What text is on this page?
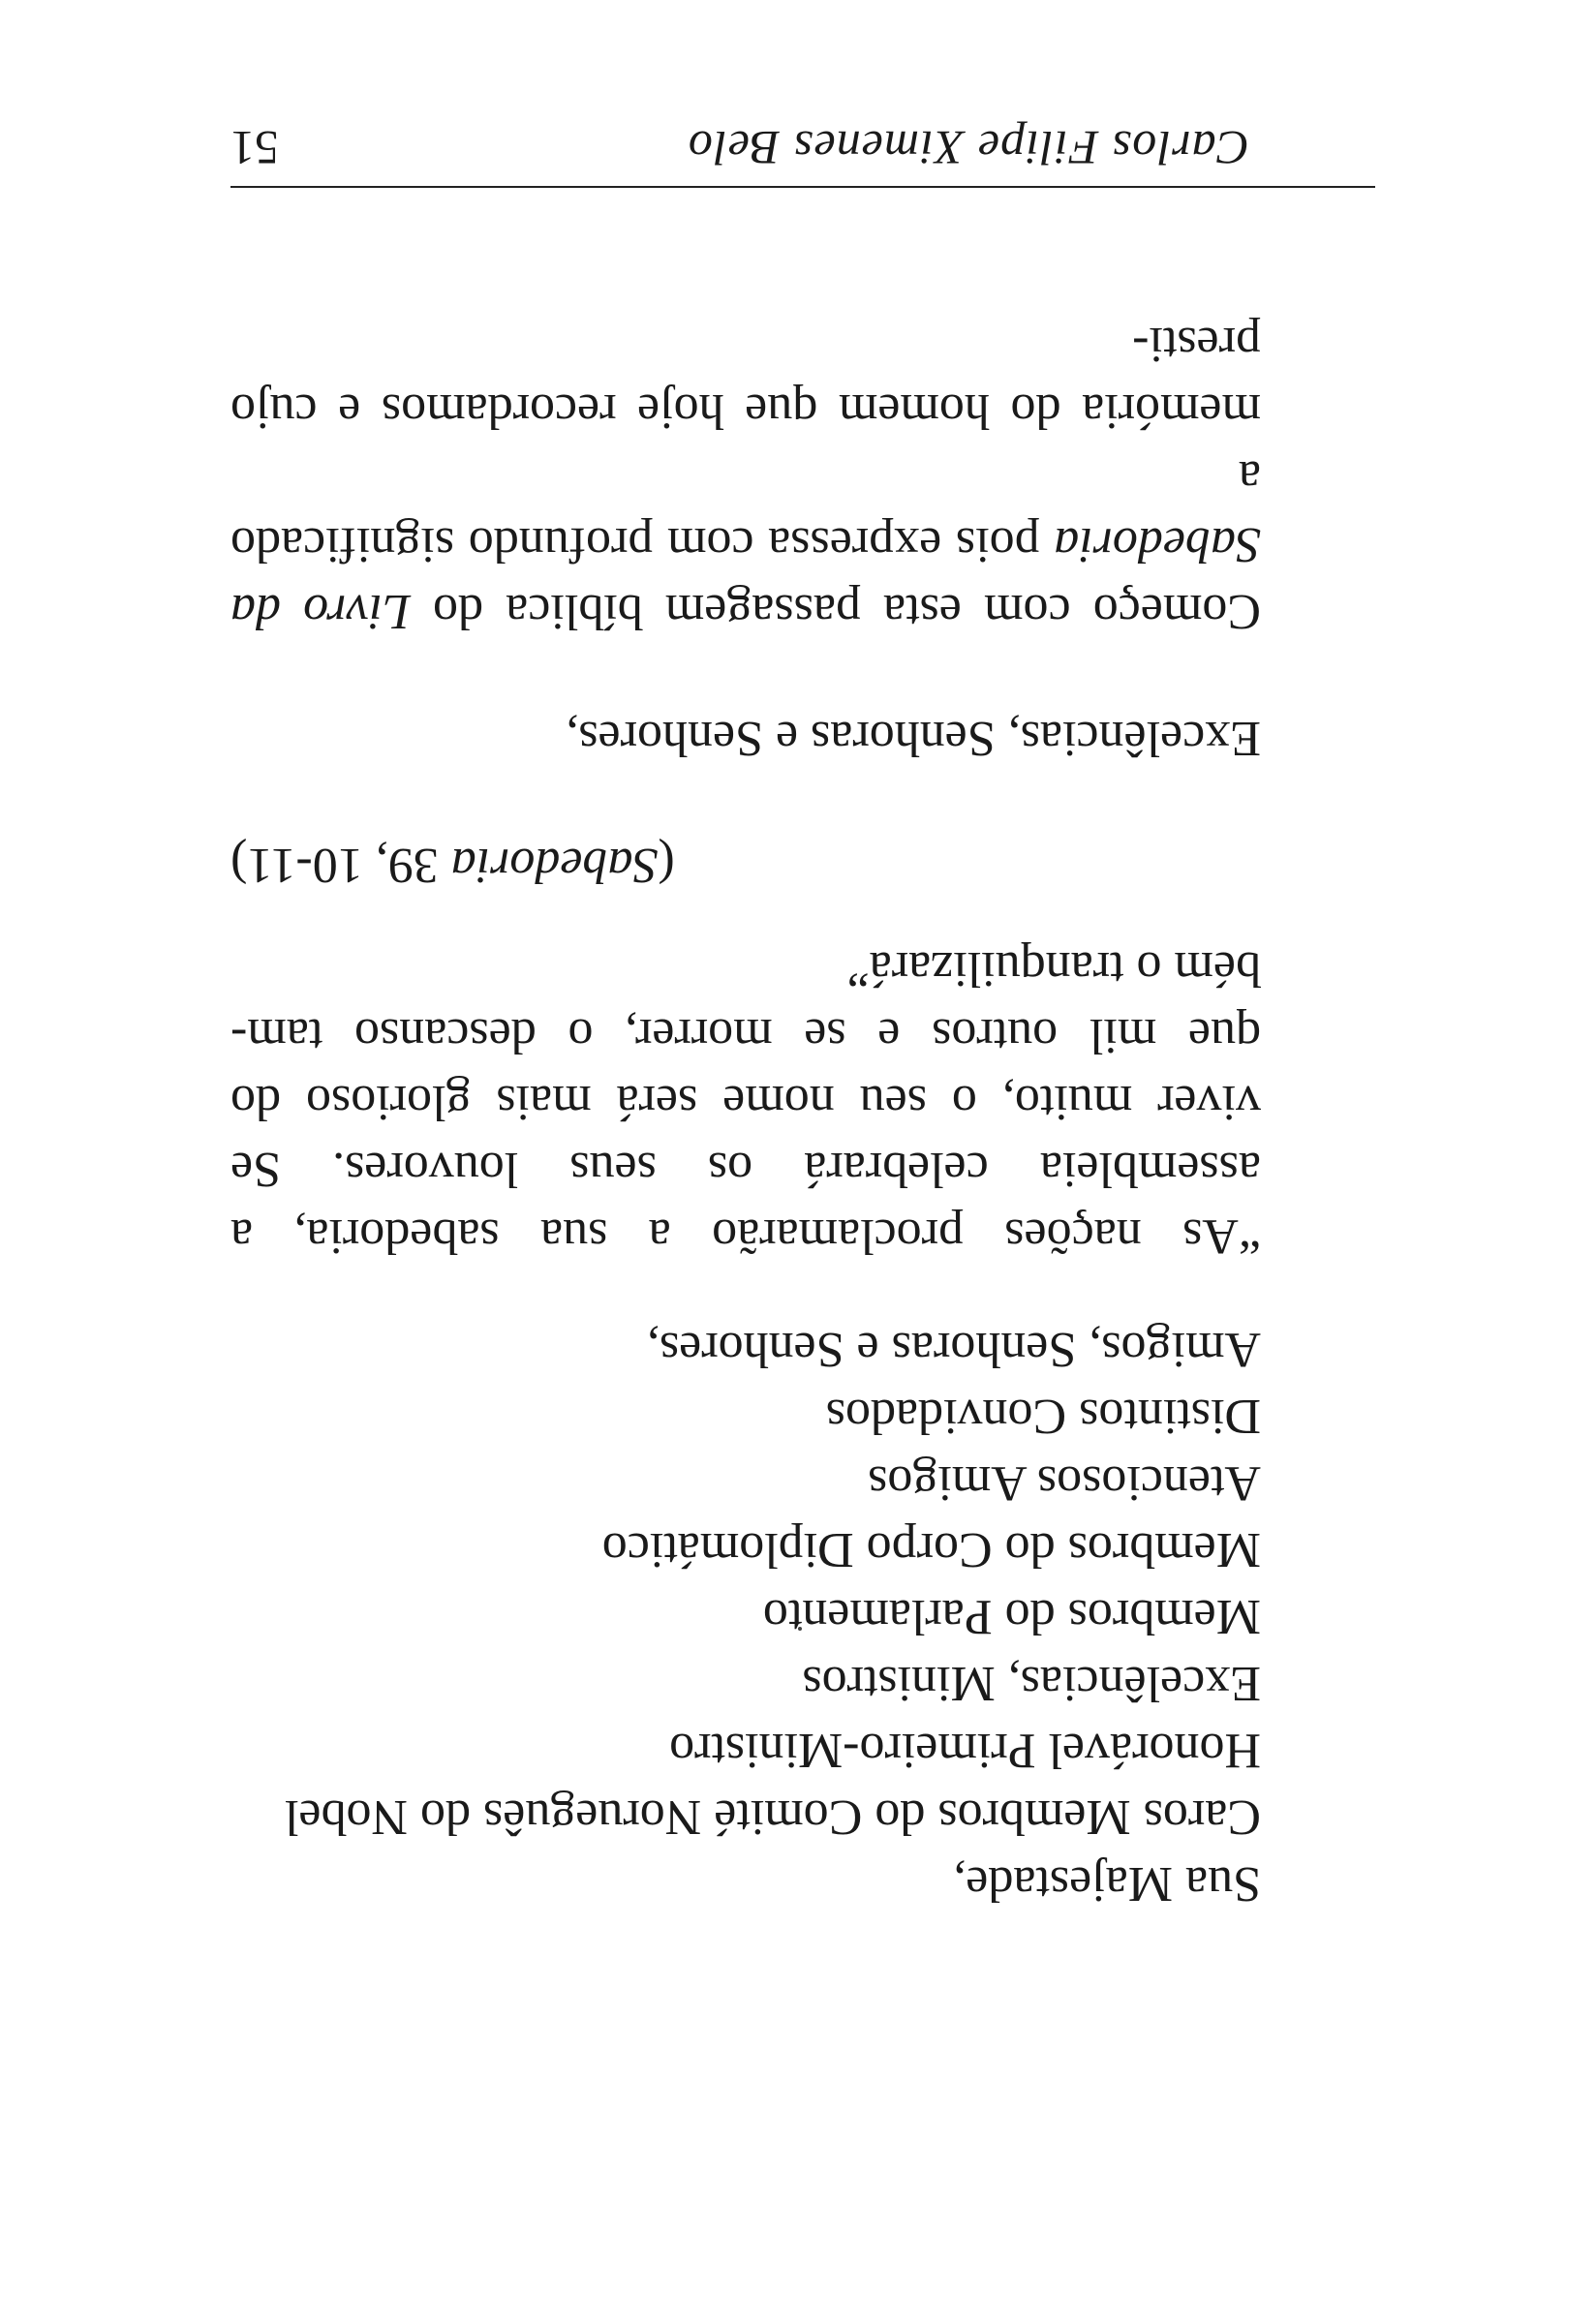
Sua Majestade,

Caros Membros do Comité Norueguês do Nobel

Honorável Primeiro-Ministro

Excelências, Ministros

Membros do Parlamento

Membros do Corpo Diplomático

Atenciosos Amigos

Distintos Convidados

Amigos, Senhoras e Senhores,

“As nações proclamarão a sua sabedoria, a
assembleia celebrará os seus louvores. Se
viver muito, o seu nome será mais glorioso do
que mil outros e se morrer, o descanso tam-
bém o tranquilizará”
(Sabedoria 39, 10-11)

Excelências, Senhoras e Senhores,

Começo com esta passagem bíblica do Livro da
Sabedoria pois expressa com profundo significado a
memória do homem que hoje recordamos e cujo presti-
Carlos Filipe Ximenes Belo
51
